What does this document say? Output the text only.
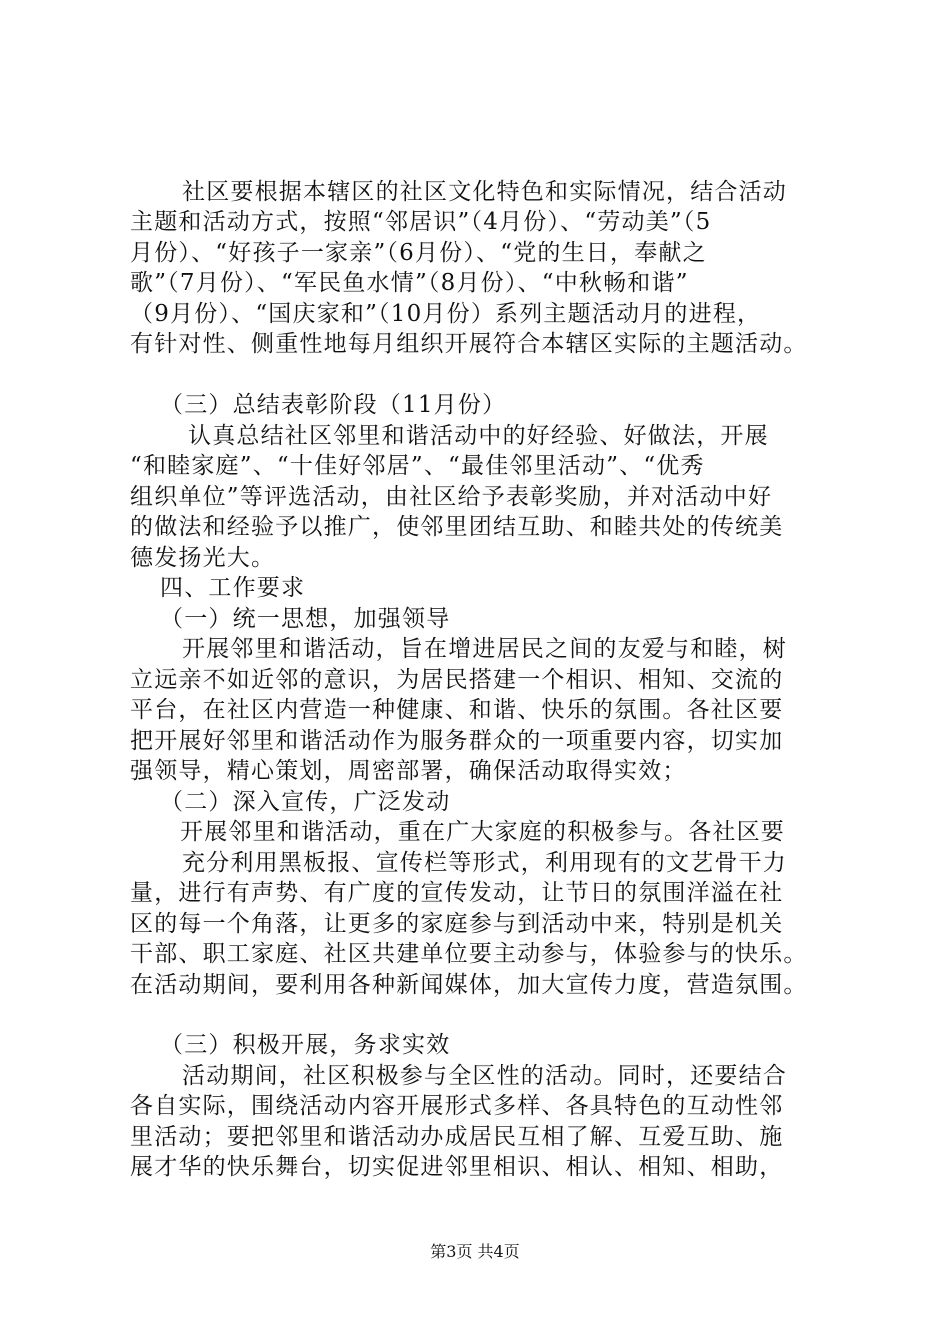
社区要根据本辖区的社区文化特色和实际情况，结合活动
主题和活动方式，按照“邻居识”（4月份）、“劳动美”（5
月份）、“好孩子一家亲”（6月份）、“党的生日，奉献之
歌”（7月份）、“军民鱼水情”（8月份）、“中秋畅和谐”
（9月份）、“国庆家和”（10月份）系列主题活动月的进程，
有针对性、侧重性地每月组织开展符合本辖区实际的主题活动。
（三）总结表彰阶段（11月份）
认真总结社区邻里和谐活动中的好经验、好做法，开展
“和睦家庭”、“十佳好邻居”、“最佳邻里活动”、“优秀
组织单位”等评选活动，由社区给予表彰奖励，并对活动中好
的做法和经验予以推广，使邻里团结互助、和睦共处的传统美
德发扬光大。
四、工作要求
（一）统一思想，加强领导
开展邻里和谐活动，旨在增进居民之间的友爱与和睦，树
立远亲不如近邻的意识，为居民搭建一个相识、相知、交流的
平台，在社区内营造一种健康、和谐、快乐的氛围。各社区要
把开展好邻里和谐活动作为服务群众的一项重要内容，切实加
强领导，精心策划，周密部署，确保活动取得实效；
（二）深入宣传，广泛发动
开展邻里和谐活动，重在广大家庭的积极参与。各社区要
充分利用黑板报、宣传栏等形式，利用现有的文艺骨干力
量，进行有声势、有广度的宣传发动，让节日的氛围洋溢在社
区的每一个角落，让更多的家庭参与到活动中来，特别是机关
干部、职工家庭、社区共建单位要主动参与，体验参与的快乐。
在活动期间，要利用各种新闻媒体，加大宣传力度，营造氛围。
（三）积极开展，务求实效
活动期间，社区积极参与全区性的活动。同时，还要结合
各自实际，围绕活动内容开展形式多样、各具特色的互动性邻
里活动；要把邻里和谐活动办成居民互相了解、互爱互助、施
展才华的快乐舞台，切实促进邻里相识、相认、相知、相助，
第3页 共4页
